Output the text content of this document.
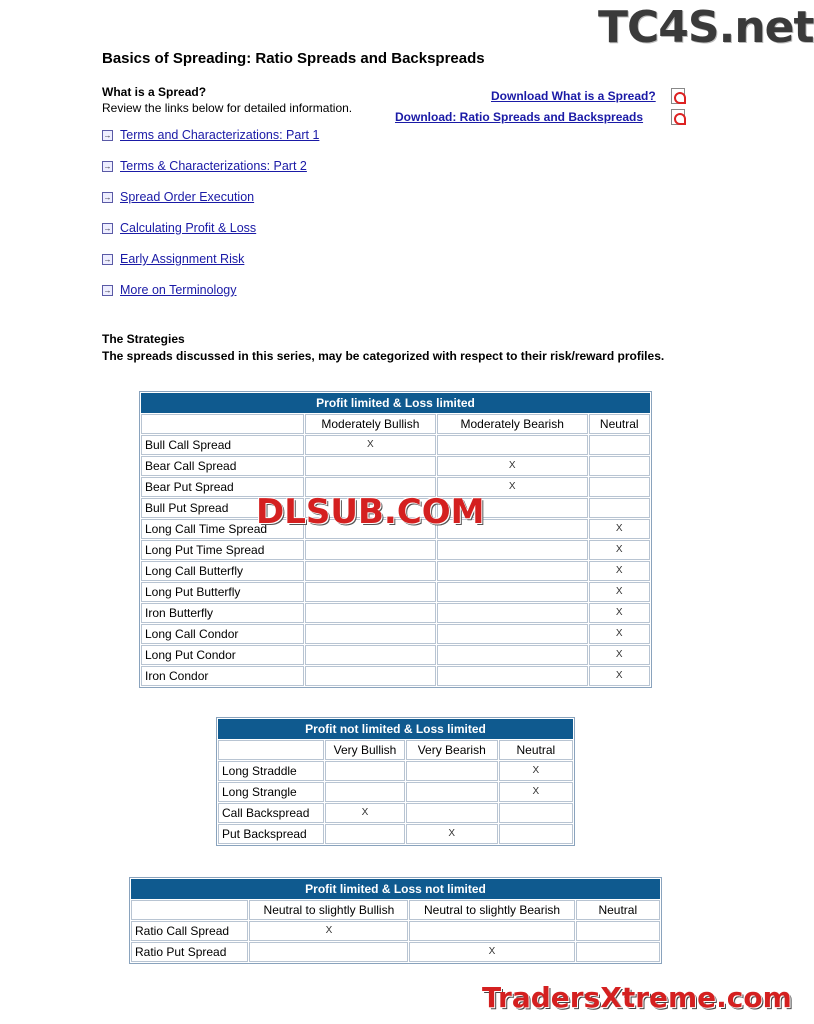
TC4S.net
Basics of Spreading: Ratio Spreads and Backspreads
What is a Spread?
Review the links below for detailed information.
Download What is a Spread?
Download: Ratio Spreads and Backspreads
→ Terms and Characterizations: Part 1
→ Terms & Characterizations: Part 2
→ Spread Order Execution
→ Calculating Profit & Loss
→ Early Assignment Risk
→ More on Terminology
The Strategies
The spreads discussed in this series, may be categorized with respect to their risk/reward profiles.
Profit limited & Loss limited			
	Moderately Bullish	Moderately Bearish	Neutral
Bull Call Spread	X		
Bear Call Spread		X	
Bear Put Spread		X	
Bull Put Spread			
Long Call Time Spread			X
Long Put Time Spread			X
Long Call Butterfly			X
Long Put Butterfly			X
Iron Butterfly			X
Long Call Condor			X
Long Put Condor			X
Iron Condor			X
Profit not limited & Loss limited			
	Very Bullish	Very Bearish	Neutral
Long Straddle			X
Long Strangle			X
Call Backspread	X		
Put Backspread		X	
Profit limited & Loss not limited			
	Neutral to slightly Bullish	Neutral to slightly Bearish	Neutral
Ratio Call Spread	X		
Ratio Put Spread		X	
DLSUB.COM
TradersXtreme.com
